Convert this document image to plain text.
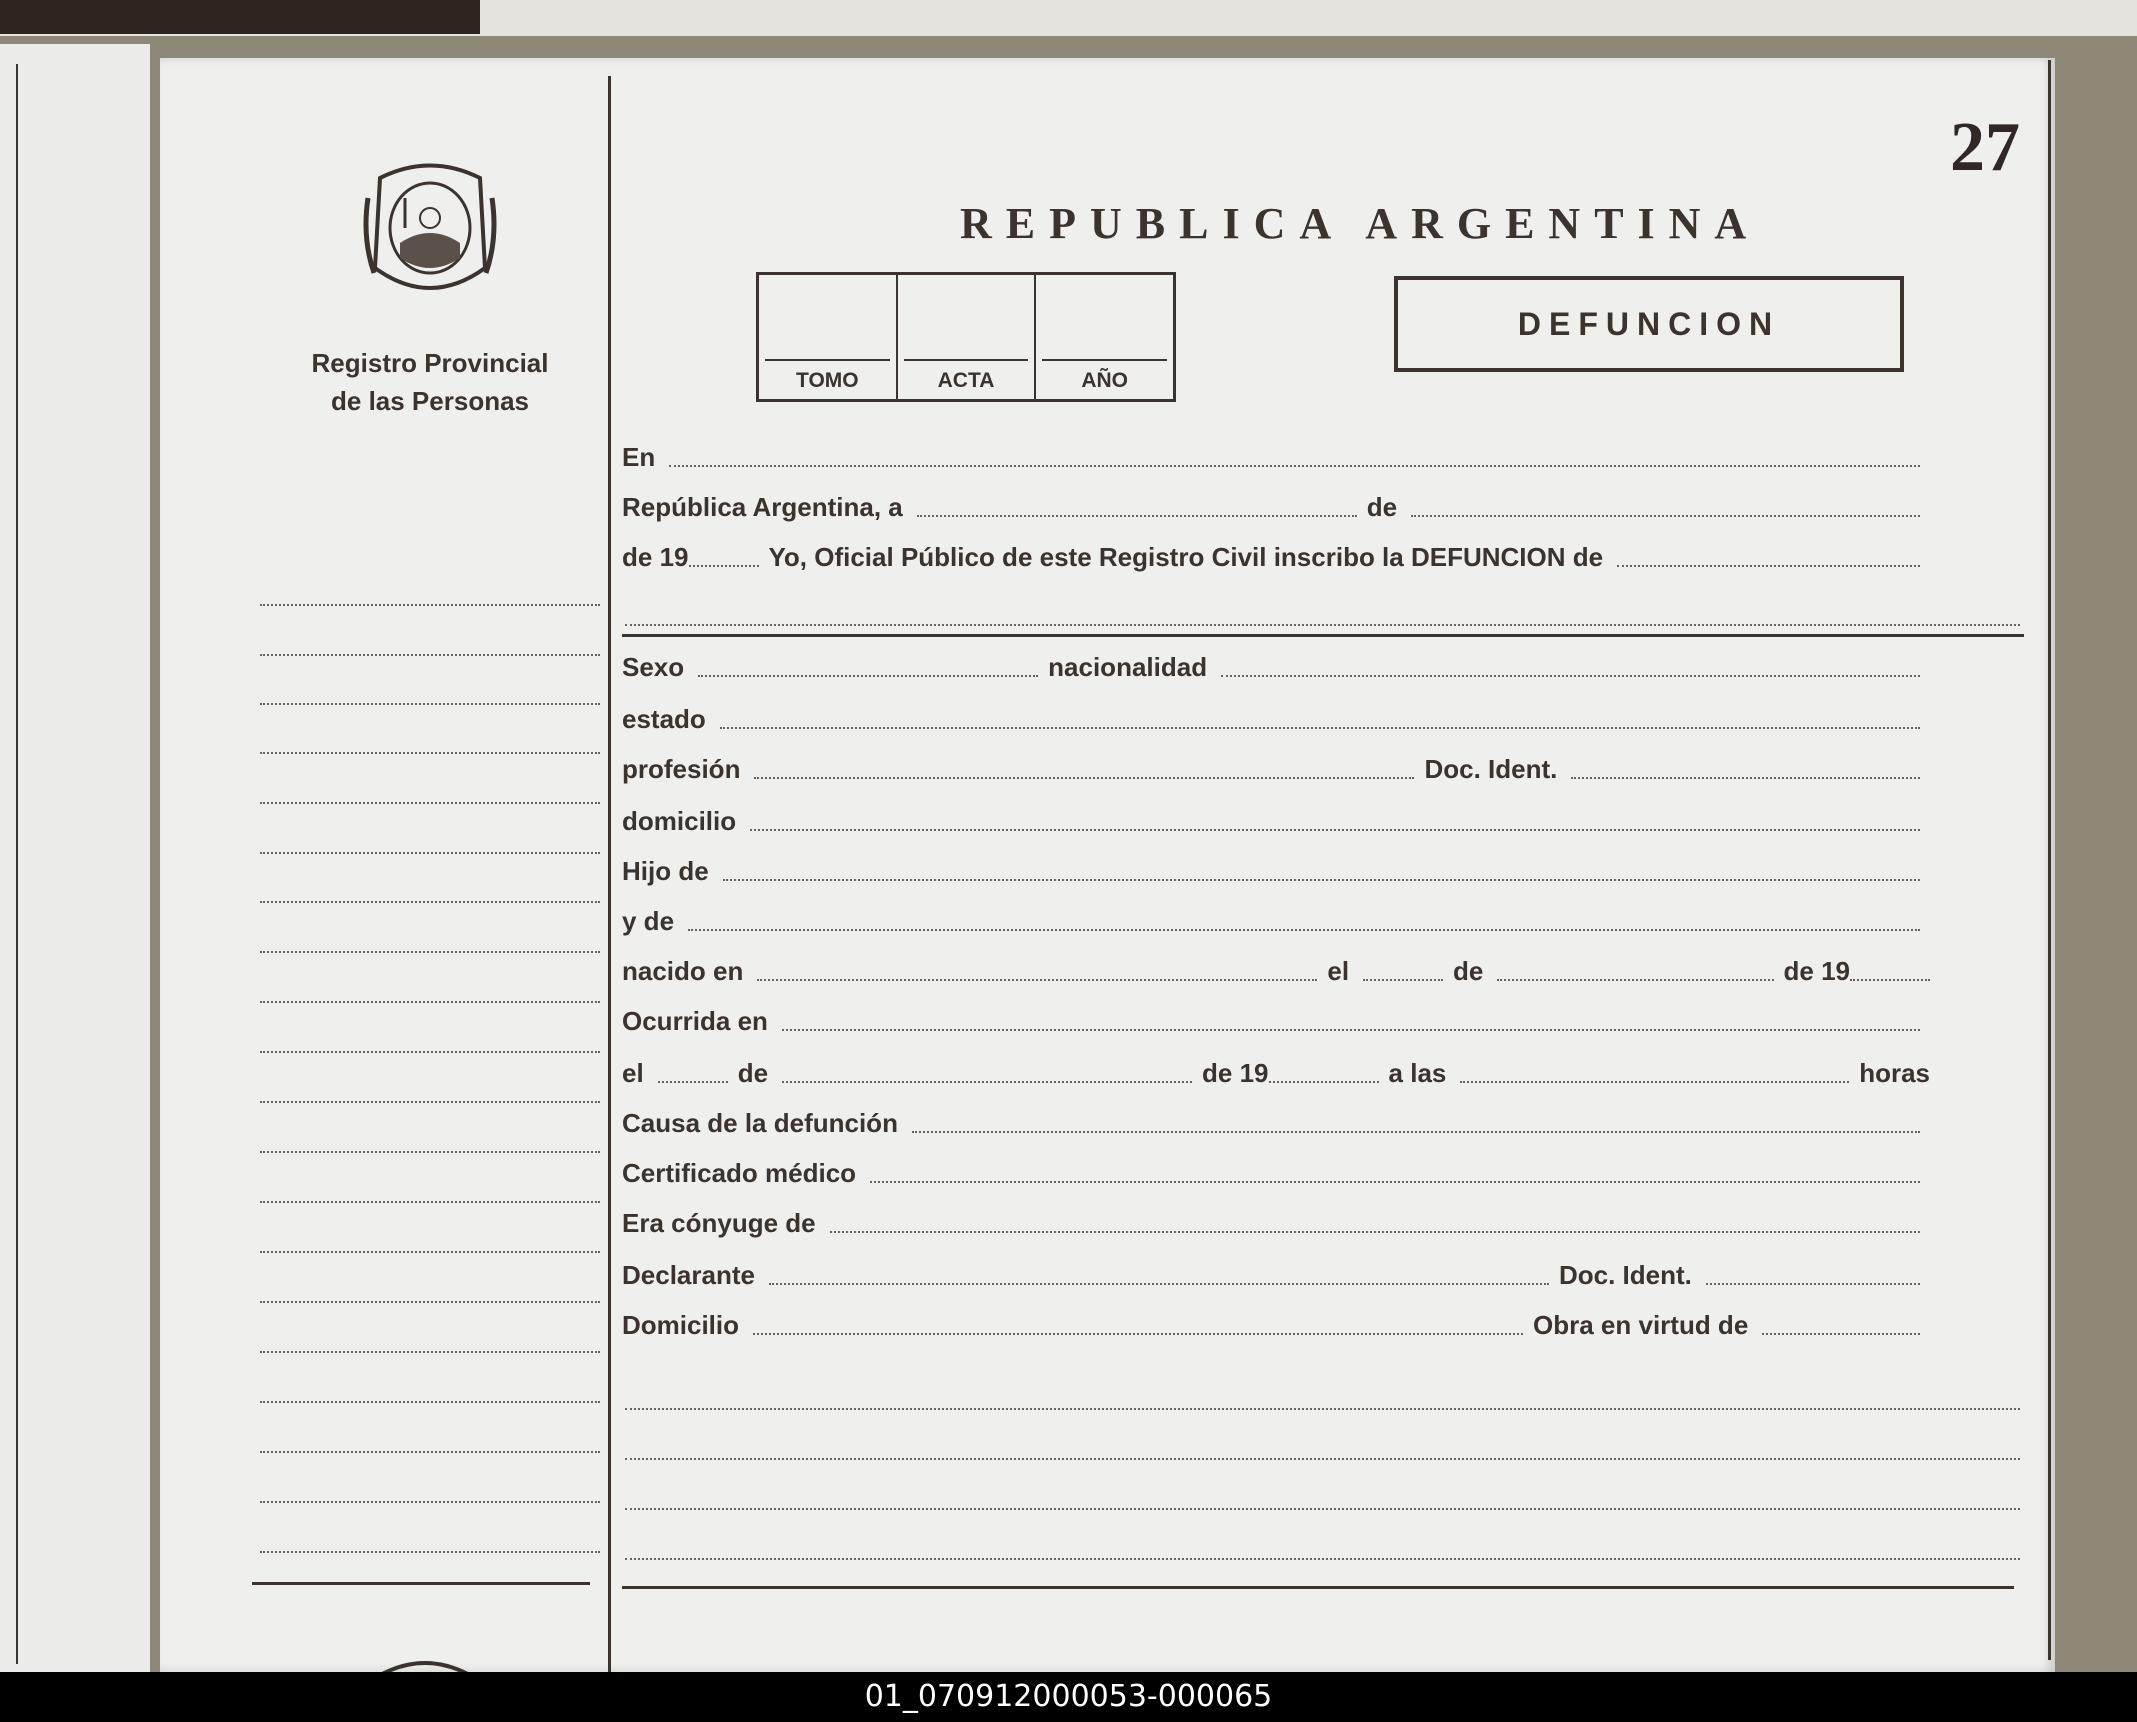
Registro Provincial
de las Personas
27
REPUBLICA ARGENTINA
TOMO	ACTA	AÑO
DEFUNCION
En
República Argentina, a	de
de 19	Yo, Oficial Público de este Registro Civil inscribo la DEFUNCION de
Sexo	nacionalidad
estado
profesión	Doc. Ident.
domicilio
Hijo de
y de
nacido en	el	de	de 19
Ocurrida en
el	de	de 19	a las	horas
Causa de la defunción
Certificado médico
Era cónyuge de
Declarante	Doc. Ident.
Domicilio	Obra en virtud de
01_070912000053-000065
